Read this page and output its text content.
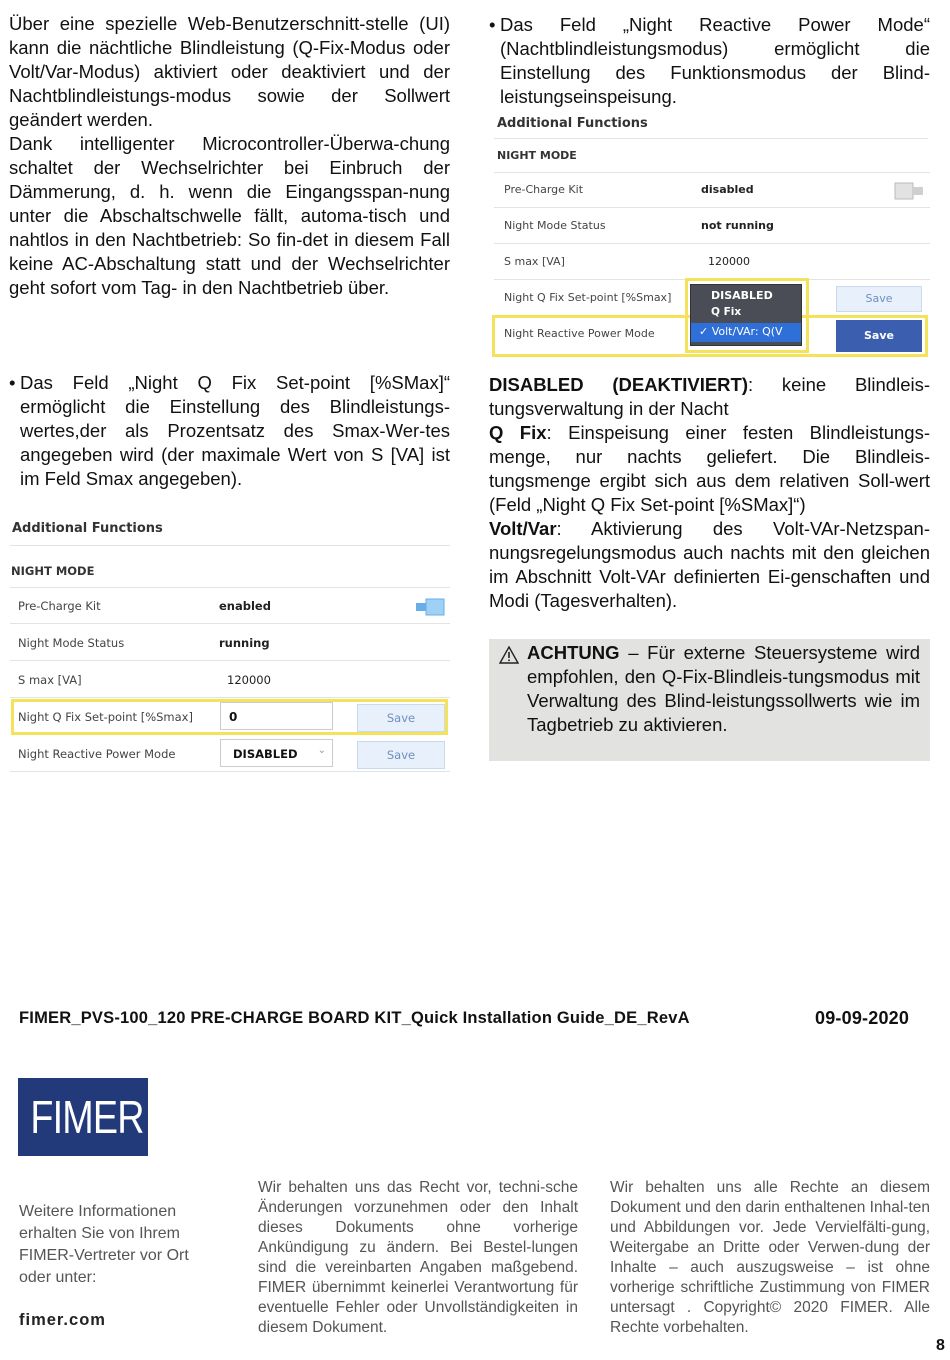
Über eine spezielle Web-Benutzerschnitt-stelle (UI) kann die nächtliche Blindleistung (Q-Fix-Modus oder Volt/Var-Modus) aktiviert oder deaktiviert und der Nachtblindleistungs-modus sowie der Sollwert geändert werden.

Dank intelligenter Microcontroller-Überwa-chung schaltet der Wechselrichter bei Einbruch der Dämmerung, d. h. wenn die Eingangsspan-nung unter die Abschaltschwelle fällt, automa-tisch und nahtlos in den Nachtbetrieb: So fin-det in diesem Fall keine AC-Abschaltung statt und der Wechselrichter geht sofort vom Tag- in den Nachtbetrieb über.

• Das Feld „Night Q Fix Set-point [%SMax]“ ermöglicht die Einstellung des Blindleistungs-wertes,der als Prozentsatz des Smax-Wer-tes angegeben wird (der maximale Wert von S [VA] ist im Feld Smax angegeben).

Additional Functions
NIGHT MODE
Pre-Charge Kit	enabled
Night Mode Status	running
S max [VA]	120000
Night Q Fix Set-point [%Smax]	0	Save
Night Reactive Power Mode	DISABLED ⌄	Save

• Das Feld „Night Reactive Power Mode“ (Nachtblindleistungsmodus) ermöglicht die Einstellung des Funktionsmodus der Blind-leistungseinspeisung.

Additional Functions
NIGHT MODE
Pre-Charge Kit	disabled
Night Mode Status	not running
S max [VA]	120000
Night Q Fix Set-point [%Smax]	Save
Night Reactive Power Mode	Save
DISABLED
Q Fix
✓ Volt/VAr: Q(V

DISABLED (DEAKTIVIERT): keine Blindleis-tungsverwaltung in der Nacht

Q Fix: Einspeisung einer festen Blindleistungs-menge, nur nachts geliefert. Die Blindleis-tungsmenge ergibt sich aus dem relativen Soll-wert (Feld „Night Q Fix Set-point [%SMax]“)

Volt/Var: Aktivierung des Volt-VAr-Netzspan-nungsregelungsmodus auch nachts mit den gleichen im Abschnitt Volt-VAr definierten Ei-genschaften und Modi (Tagesverhalten).

ACHTUNG – Für externe Steuersysteme wird empfohlen, den Q-Fix-Blindleis-tungsmodus mit Verwaltung des Blind-leistungssollwerts wie im Tagbetrieb zu aktivieren.

FIMER_PVS-100_120 PRE-CHARGE BOARD KIT_Quick Installation Guide_DE_RevA	09-09-2020
FIMER

Weitere Informationen erhalten Sie von Ihrem FIMER-Vertreter vor Ort oder unter:

fimer.com

Wir behalten uns das Recht vor, techni-sche Änderungen vorzunehmen oder den Inhalt dieses Dokuments ohne vorherige Ankündigung zu ändern. Bei Bestel-lungen sind die vereinbarten Angaben maßgebend. FIMER übernimmt keinerlei Verantwortung für eventuelle Fehler oder Unvollständigkeiten in diesem Dokument.

Wir behalten uns alle Rechte an diesem Dokument und den darin enthaltenen Inhal-ten und Abbildungen vor. Jede Vervielfälti-gung, Weitergabe an Dritte oder Verwen-dung der Inhalte – auch auszugsweise – ist ohne vorherige schriftliche Zustimmung von FIMER untersagt . Copyright© 2020 FIMER. Alle Rechte vorbehalten.

8
